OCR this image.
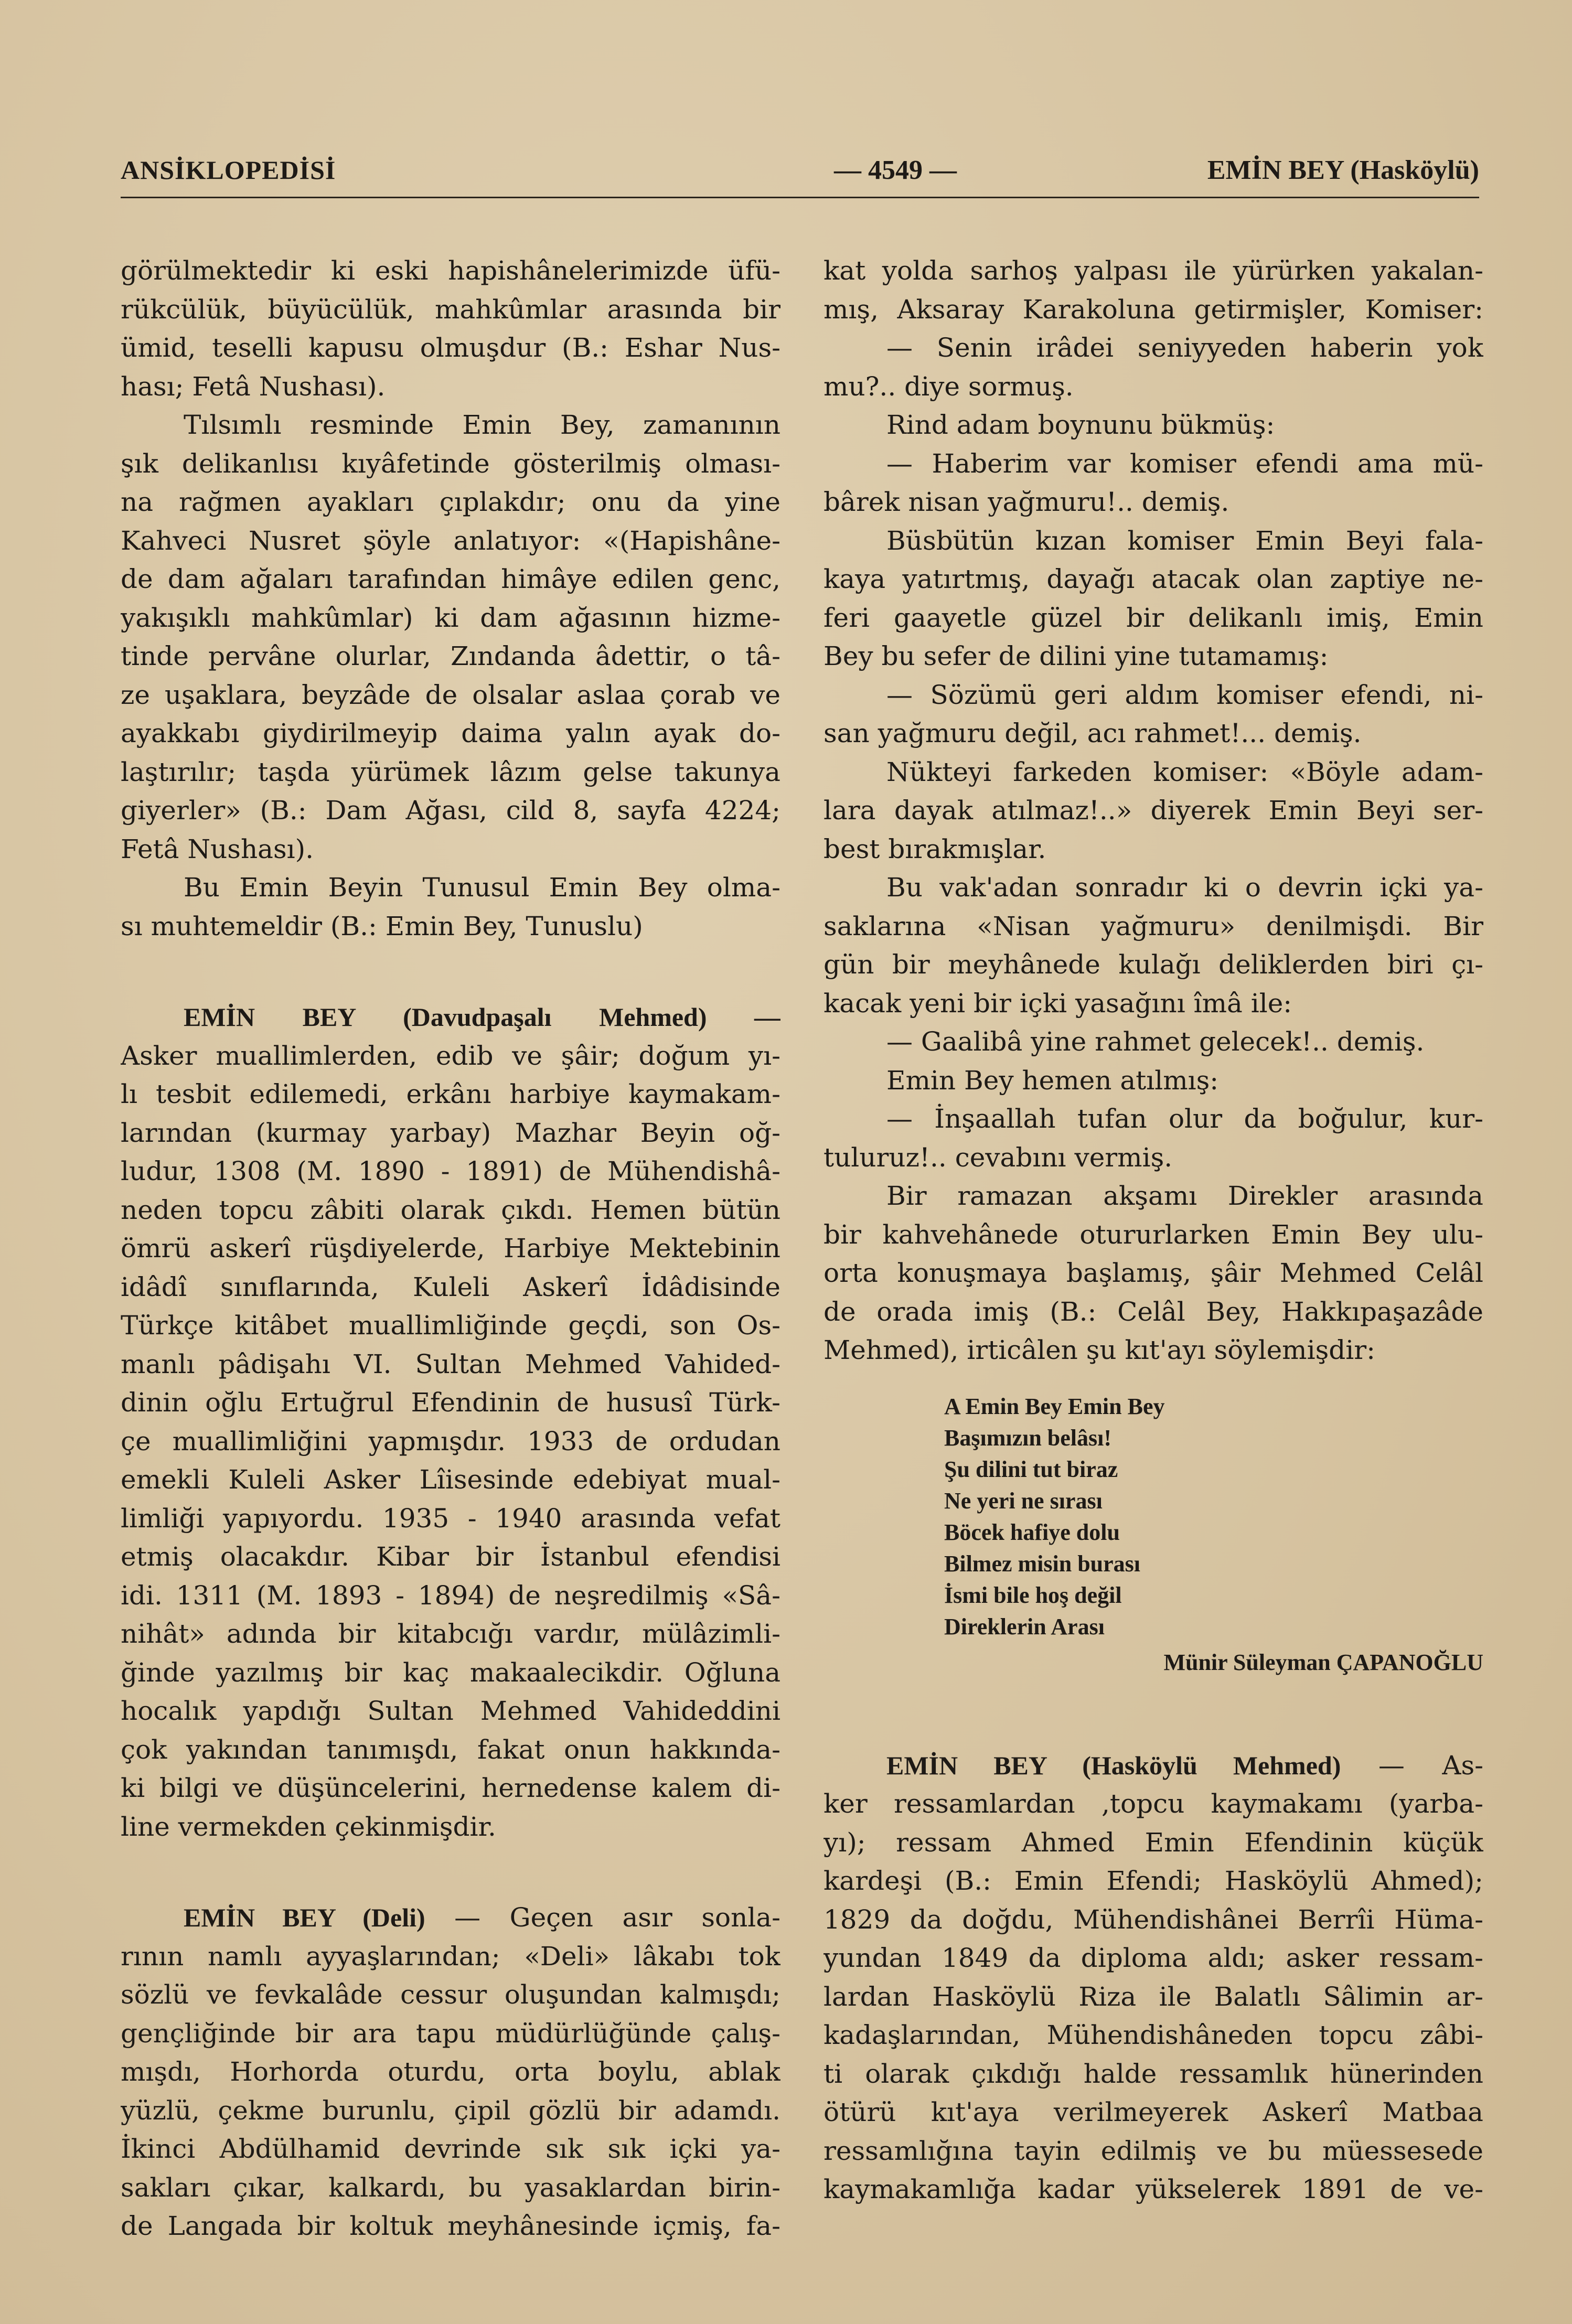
ANSİKLOPEDİSİ	— 4549 —	EMİN BEY (Hasköylü)
görülmektedir ki eski hapishânelerimizde üfü-
rükcülük, büyücülük, mahkûmlar arasında bir
ümid, teselli kapusu olmuşdur (B.: Eshar Nus-
hası; Fetâ Nushası).
Tılsımlı resminde Emin Bey, zamanının
şık delikanlısı kıyâfetinde gösterilmiş olması-
na rağmen ayakları çıplakdır; onu da yine
Kahveci Nusret şöyle anlatıyor: «(Hapishâne-
de dam ağaları tarafından himâye edilen genc,
yakışıklı mahkûmlar) ki dam ağasının hizme-
tinde pervâne olurlar, Zındanda âdettir, o tâ-
ze uşaklara, beyzâde de olsalar aslaa çorab ve
ayakkabı giydirilmeyip daima yalın ayak do-
laştırılır; taşda yürümek lâzım gelse takunya
giyerler» (B.: Dam Ağası, cild 8, sayfa 4224;
Fetâ Nushası).
Bu Emin Beyin Tunusul Emin Bey olma-
sı muhtemeldir (B.: Emin Bey, Tunuslu)
EMİN BEY (Davudpaşalı Mehmed) —
Asker muallimlerden, edib ve şâir; doğum yı-
lı tesbit edilemedi, erkânı harbiye kaymakam-
larından (kurmay yarbay) Mazhar Beyin oğ-
ludur, 1308 (M. 1890 - 1891) de Mühendishâ-
neden topcu zâbiti olarak çıkdı. Hemen bütün
ömrü askerî rüşdiyelerde, Harbiye Mektebinin
idâdî sınıflarında, Kuleli Askerî İdâdisinde
Türkçe kitâbet muallimliğinde geçdi, son Os-
manlı pâdişahı VI. Sultan Mehmed Vahided-
dinin oğlu Ertuğrul Efendinin de hususî Türk-
çe muallimliğini yapmışdır. 1933 de ordudan
emekli Kuleli Asker Lîisesinde edebiyat mual-
limliği yapıyordu. 1935 - 1940 arasında vefat
etmiş olacakdır. Kibar bir İstanbul efendisi
idi. 1311 (M. 1893 - 1894) de neşredilmiş «Sâ-
nihât» adında bir kitabcığı vardır, mülâzimli-
ğinde yazılmış bir kaç makaalecikdir. Oğluna
hocalık yapdığı Sultan Mehmed Vahideddini
çok yakından tanımışdı, fakat onun hakkında-
ki bilgi ve düşüncelerini, hernedense kalem di-
line vermekden çekinmişdir.
EMİN BEY (Deli) — Geçen asır sonla-
rının namlı ayyaşlarından; «Deli» lâkabı tok
sözlü ve fevkalâde cessur oluşundan kalmışdı;
gençliğinde bir ara tapu müdürlüğünde çalış-
mışdı, Horhorda oturdu, orta boylu, ablak
yüzlü, çekme burunlu, çipil gözlü bir adamdı.
İkinci Abdülhamid devrinde sık sık içki ya-
sakları çıkar, kalkardı, bu yasaklardan birin-
de Langada bir koltuk meyhânesinde içmiş, fa-
kat yolda sarhoş yalpası ile yürürken yakalan-
mış, Aksaray Karakoluna getirmişler, Komiser:
— Senin irâdei seniyyeden haberin yok
mu?.. diye sormuş.
Rind adam boynunu bükmüş:
— Haberim var komiser efendi ama mü-
bârek nisan yağmuru!.. demiş.
Büsbütün kızan komiser Emin Beyi fala-
kaya yatırtmış, dayağı atacak olan zaptiye ne-
feri gaayetle güzel bir delikanlı imiş, Emin
Bey bu sefer de dilini yine tutamamış:
— Sözümü geri aldım komiser efendi, ni-
san yağmuru değil, acı rahmet!... demiş.
Nükteyi farkeden komiser: «Böyle adam-
lara dayak atılmaz!..» diyerek Emin Beyi ser-
best bırakmışlar.
Bu vak'adan sonradır ki o devrin içki ya-
saklarına «Nisan yağmuru» denilmişdi. Bir
gün bir meyhânede kulağı deliklerden biri çı-
kacak yeni bir içki yasağını îmâ ile:
— Gaalibâ yine rahmet gelecek!.. demiş.
Emin Bey hemen atılmış:
— İnşaallah tufan olur da boğulur, kur-
tuluruz!.. cevabını vermiş.
Bir ramazan akşamı Direkler arasında
bir kahvehânede otururlarken Emin Bey ulu-
orta konuşmaya başlamış, şâir Mehmed Celâl
de orada imiş (B.: Celâl Bey, Hakkıpaşazâde
Mehmed), irticâlen şu kıt'ayı söylemişdir:
A Emin Bey Emin Bey
Başımızın belâsı!
Şu dilini tut biraz
Ne yeri ne sırası
Böcek hafiye dolu
Bilmez misin burası
İsmi bile hoş değil
Direklerin Arası
Münir Süleyman ÇAPANOĞLU
EMİN BEY (Hasköylü Mehmed) — As-
ker ressamlardan ,topcu kaymakamı (yarba-
yı); ressam Ahmed Emin Efendinin küçük
kardeşi (B.: Emin Efendi; Hasköylü Ahmed);
1829 da doğdu, Mühendishânei Berrîi Hüma-
yundan 1849 da diploma aldı; asker ressam-
lardan Hasköylü Riza ile Balatlı Sâlimin ar-
kadaşlarından, Mühendishâneden topcu zâbi-
ti olarak çıkdığı halde ressamlık hünerinden
ötürü kıt'aya verilmeyerek Askerî Matbaa
ressamlığına tayin edilmiş ve bu müessesede
kaymakamlığa kadar yükselerek 1891 de ve-
